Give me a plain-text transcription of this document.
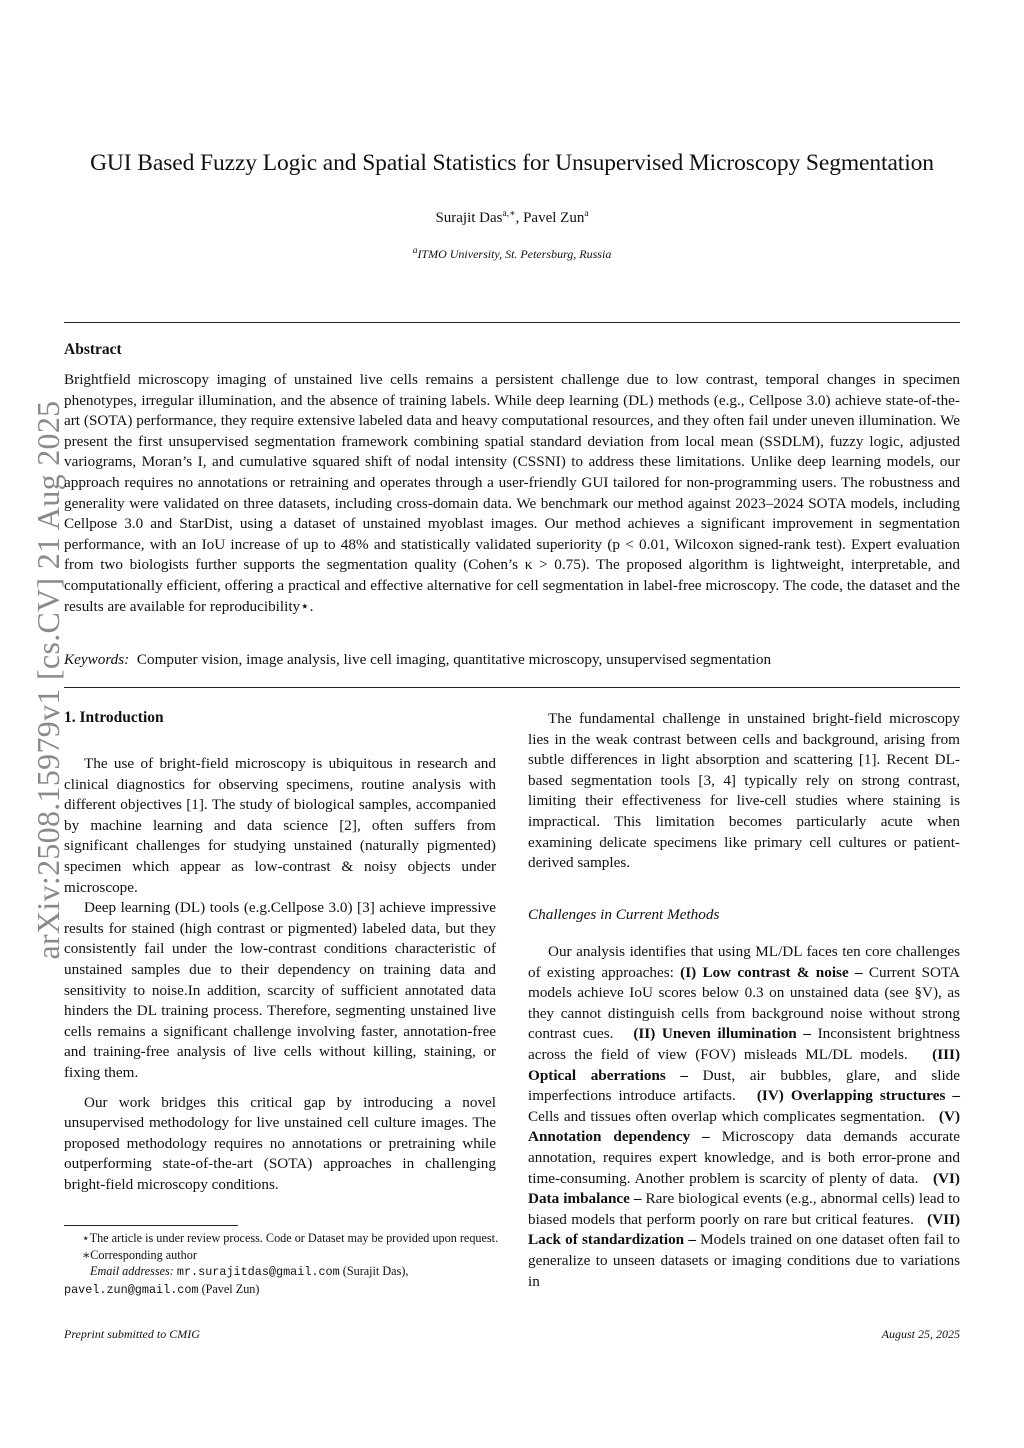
arXiv:2508.15979v1 [cs.CV] 21 Aug 2025
GUI Based Fuzzy Logic and Spatial Statistics for Unsupervised Microscopy Segmentation
Surajit Das$^{a,∗}$, Pavel Zun$^a$
$^a$ITMO University, St. Petersburg, Russia
Abstract

Brightfield microscopy imaging of unstained live cells remains a persistent challenge due to low contrast, temporal changes in specimen phenotypes, irregular illumination, and the absence of training labels. While deep learning (DL) methods (e.g., Cellpose 3.0) achieve state-of-the-art (SOTA) performance, they require extensive labeled data and heavy computational resources, and they often fail under uneven illumination. We present the first unsupervised segmentation framework combining spatial standard deviation from local mean (SSDLM), fuzzy logic, adjusted variograms, Moran’s I, and cumulative squared shift of nodal intensity (CSSNI) to address these limitations. Unlike deep learning models, our approach requires no annotations or retraining and operates through a user-friendly GUI tailored for non-programming users. The robustness and generality were validated on three datasets, including cross-domain data. We benchmark our method against 2023–2024 SOTA models, including Cellpose 3.0 and StarDist, using a dataset of unstained myoblast images. Our method achieves a significant improvement in segmentation performance, with an IoU increase of up to 48% and statistically validated superiority (p < 0.01, Wilcoxon signed-rank test). Expert evaluation from two biologists further supports the segmentation quality (Cohen’s κ > 0.75). The proposed algorithm is lightweight, interpretable, and computationally efficient, offering a practical and effective alternative for cell segmentation in label-free microscopy. The code, the dataset and the results are available for reproducibility⋆.

Keywords: Computer vision, image analysis, live cell imaging, quantitative microscopy, unsupervised segmentation
1. Introduction

The use of bright-field microscopy is ubiquitous in research and clinical diagnostics for observing specimens, routine analysis with different objectives [1]. The study of biological samples, accompanied by machine learning and data science [2], often suffers from significant challenges for studying unstained (naturally pigmented) specimen which appear as low-contrast & noisy objects under microscope.

Deep learning (DL) tools (e.g.Cellpose 3.0) [3] achieve impressive results for stained (high contrast or pigmented) labeled data, but they consistently fail under the low-contrast conditions characteristic of unstained samples due to their dependency on training data and sensitivity to noise.In addition, scarcity of sufficient annotated data hinders the DL training process. Therefore, segmenting unstained live cells remains a significant challenge involving faster, annotation-free and training-free analysis of live cells without killing, staining, or fixing them.

Our work bridges this critical gap by introducing a novel unsupervised methodology for live unstained cell culture images. The proposed methodology requires no annotations or pretraining while outperforming state-of-the-art (SOTA) approaches in challenging bright-field microscopy conditions.

The fundamental challenge in unstained bright-field microscopy lies in the weak contrast between cells and background, arising from subtle differences in light absorption and scattering [1]. Recent DL-based segmentation tools [3, 4] typically rely on strong contrast, limiting their effectiveness for live-cell studies where staining is impractical. This limitation becomes particularly acute when examining delicate specimens like primary cell cultures or patient-derived samples.

Challenges in Current Methods

Our analysis identifies that using ML/DL faces ten core challenges of existing approaches: (I) Low contrast & noise – Current SOTA models achieve IoU scores below 0.3 on unstained data (see §V), as they cannot distinguish cells from background noise without strong contrast cues. (II) Uneven illumination – Inconsistent brightness across the field of view (FOV) misleads ML/DL models. (III) Optical aberrations – Dust, air bubbles, glare, and slide imperfections introduce artifacts. (IV) Overlapping structures – Cells and tissues often overlap which complicates segmentation. (V) Annotation dependency – Microscopy data demands accurate annotation, requires expert knowledge, and is both error-prone and time-consuming. Another problem is scarcity of plenty of data. (VI) Data imbalance – Rare biological events (e.g., abnormal cells) lead to biased models that perform poorly on rare but critical features. (VII) Lack of standardization – Models trained on one dataset often fail to generalize to unseen datasets or imaging conditions due to variations in

⋆The article is under review process. Code or Dataset may be provided upon request.
∗Corresponding author
Email addresses: mr.surajitdas@gmail.com (Surajit Das),
pavel.zun@gmail.com (Pavel Zun)
Preprint submitted to CMIG	August 25, 2025
